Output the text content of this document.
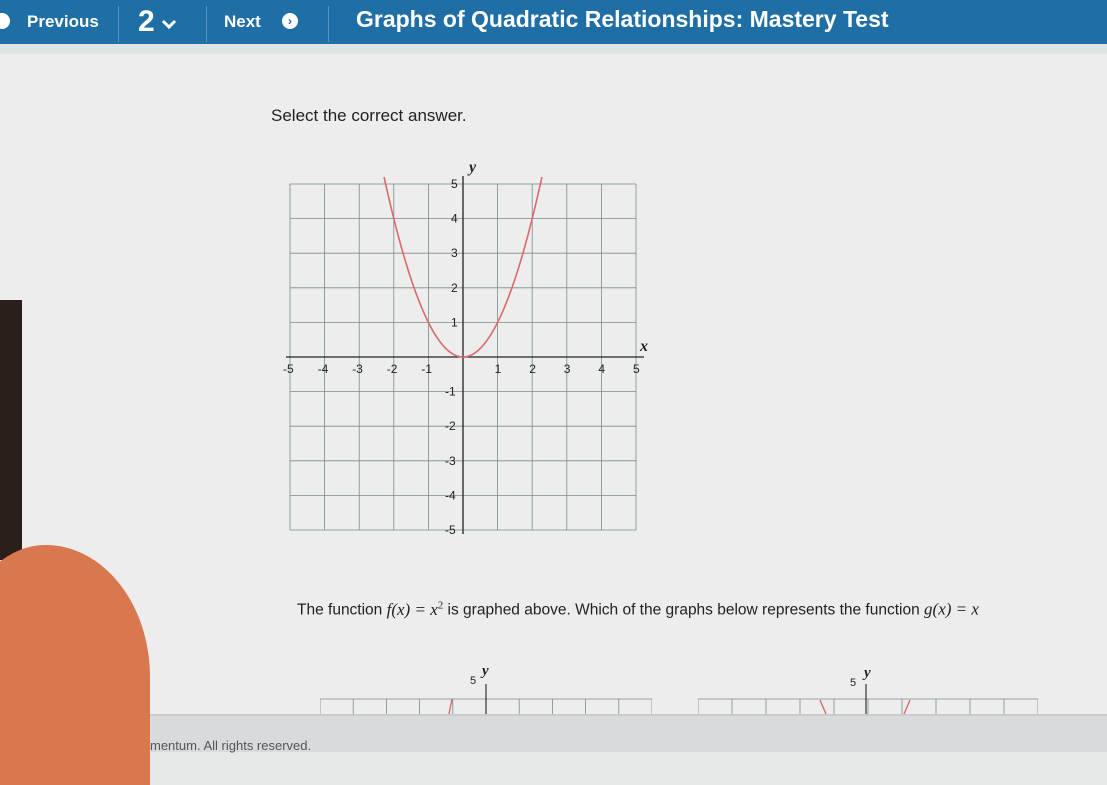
Previous 2	Next	›	Graphs of Quadratic Relationships: Mastery Test
Select the correct answer.
-5 -4 -3 -2 -1	1 2 3 4 5
5
4
3
2
1
-1
-2
-3
-4
-5
x
y
The function $f(x) = x^2$ is graphed above. Which of the graphs below represents the function g(x) = x
5
y
5
y
mentum. All rights reserved.
